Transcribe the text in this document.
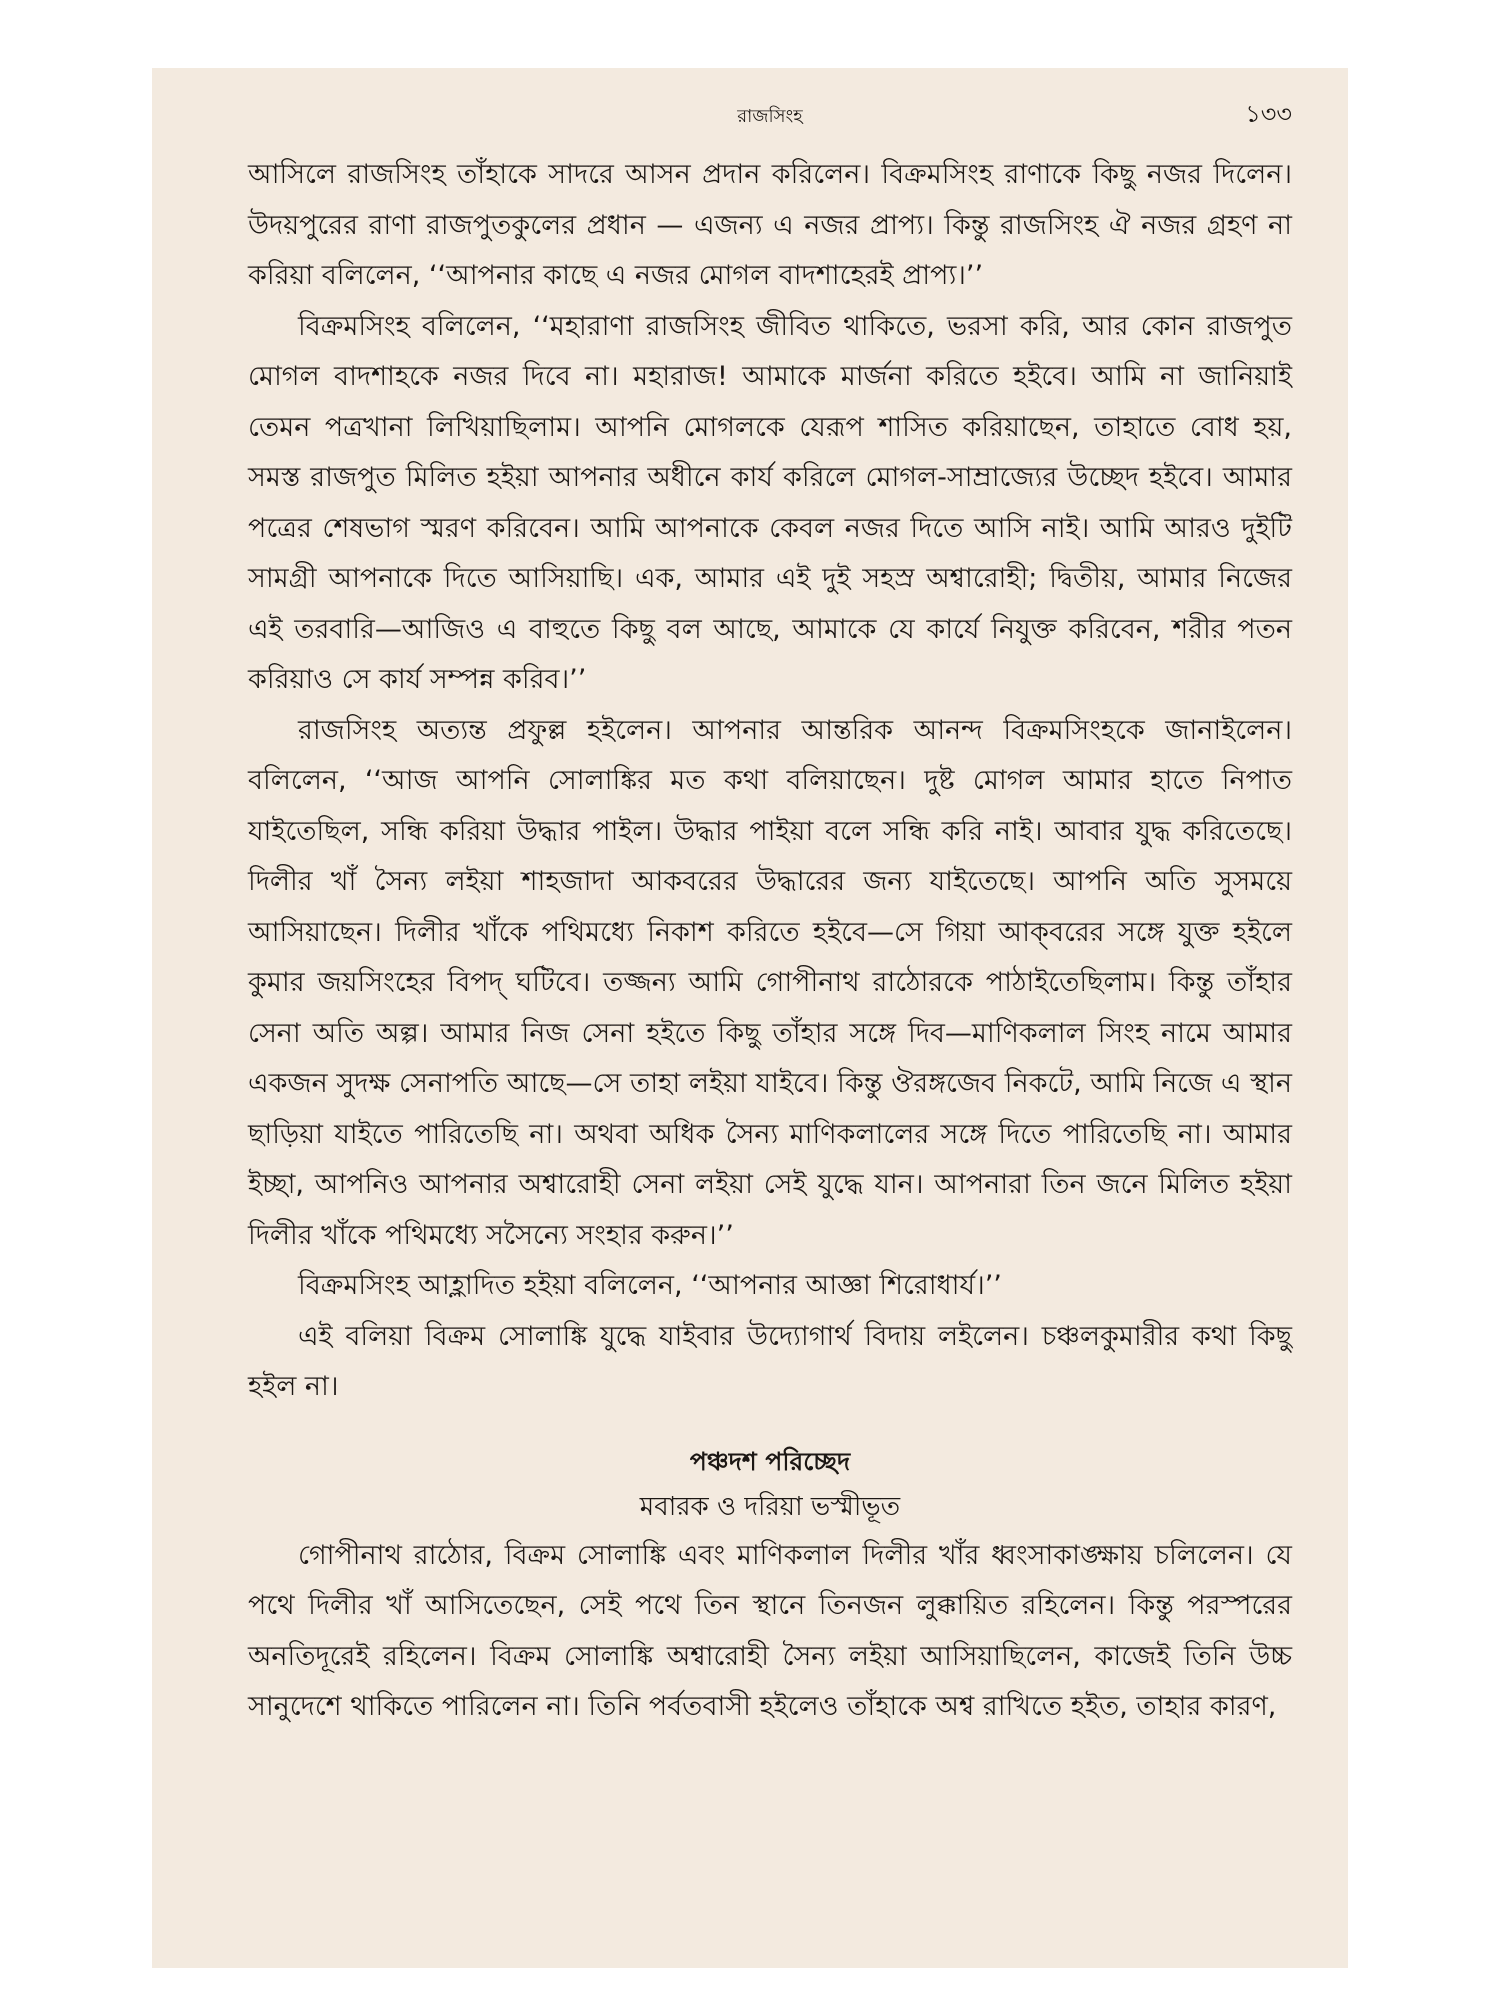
রাজসিংহ	১৩৩

আসিলে রাজসিংহ তাঁহাকে সাদরে আসন প্রদান করিলেন। বিক্রমসিংহ রাণাকে কিছু নজর দিলেন। উদয়পুরের রাণা রাজপুতকুলের প্রধান — এজন্য এ নজর প্রাপ্য। কিন্তু রাজসিংহ ঐ নজর গ্রহণ না করিয়া বলিলেন, ‘‘আপনার কাছে এ নজর মোগল বাদশাহেরই প্রাপ্য।’’

বিক্রমসিংহ বলিলেন, ‘‘মহারাণা রাজসিংহ জীবিত থাকিতে, ভরসা করি, আর কোন রাজপুত মোগল বাদশাহকে নজর দিবে না। মহারাজ! আমাকে মার্জনা করিতে হইবে। আমি না জানিয়াই তেমন পত্রখানা লিখিয়াছিলাম। আপনি মোগলকে যেরূপ শাসিত করিয়াছেন, তাহাতে বোধ হয়, সমস্ত রাজপুত মিলিত হইয়া আপনার অধীনে কার্য করিলে মোগল-সাম্রাজ্যের উচ্ছেদ হইবে। আমার পত্রের শেষভাগ স্মরণ করিবেন। আমি আপনাকে কেবল নজর দিতে আসি নাই। আমি আরও দুইটি সামগ্রী আপনাকে দিতে আসিয়াছি। এক, আমার এই দুই সহস্র অশ্বারোহী; দ্বিতীয়, আমার নিজের এই তরবারি—আজিও এ বাহুতে কিছু বল আছে, আমাকে যে কার্যে নিযুক্ত করিবেন, শরীর পতন করিয়াও সে কার্য সম্পন্ন করিব।’’

রাজসিংহ অত্যন্ত প্রফুল্ল হইলেন। আপনার আন্তরিক আনন্দ বিক্রমসিংহকে জানাইলেন। বলিলেন, ‘‘আজ আপনি সোলাঙ্কির মত কথা বলিয়াছেন। দুষ্ট মোগল আমার হাতে নিপাত যাইতেছিল, সন্ধি করিয়া উদ্ধার পাইল। উদ্ধার পাইয়া বলে সন্ধি করি নাই। আবার যুদ্ধ করিতেছে। দিলীর খাঁ সৈন্য লইয়া শাহজাদা আকবরের উদ্ধারের জন্য যাইতেছে। আপনি অতি সুসময়ে আসিয়াছেন। দিলীর খাঁকে পথিমধ্যে নিকাশ করিতে হইবে—সে গিয়া আক্‌বরের সঙ্গে যুক্ত হইলে কুমার জয়সিংহের বিপদ্‌ ঘটিবে। তজ্জন্য আমি গোপীনাথ রাঠোরকে পাঠাইতেছিলাম। কিন্তু তাঁহার সেনা অতি অল্প। আমার নিজ সেনা হইতে কিছু তাঁহার সঙ্গে দিব—মাণিকলাল সিংহ নামে আমার একজন সুদক্ষ সেনাপতি আছে—সে তাহা লইয়া যাইবে। কিন্তু ঔরঙ্গজেব নিকটে, আমি নিজে এ স্থান ছাড়িয়া যাইতে পারিতেছি না। অথবা অধিক সৈন্য মাণিকলালের সঙ্গে দিতে পারিতেছি না। আমার ইচ্ছা, আপনিও আপনার অশ্বারোহী সেনা লইয়া সেই যুদ্ধে যান। আপনারা তিন জনে মিলিত হইয়া দিলীর খাঁকে পথিমধ্যে সসৈন্যে সংহার করুন।’’

বিক্রমসিংহ আহ্লাদিত হইয়া বলিলেন, ‘‘আপনার আজ্ঞা শিরোধার্য।’’

এই বলিয়া বিক্রম সোলাঙ্কি যুদ্ধে যাইবার উদ্যোগার্থ বিদায় লইলেন। চঞ্চলকুমারীর কথা কিছু হইল না।

পঞ্চদশ পরিচ্ছেদ
মবারক ও দরিয়া ভস্মীভূত

গোপীনাথ রাঠোর, বিক্রম সোলাঙ্কি এবং মাণিকলাল দিলীর খাঁর ধ্বংসাকাঙ্ক্ষায় চলিলেন। যে পথে দিলীর খাঁ আসিতেছেন, সেই পথে তিন স্থানে তিনজন লুক্কায়িত রহিলেন। কিন্তু পরস্পরের অনতিদূরেই রহিলেন। বিক্রম সোলাঙ্কি অশ্বারোহী সৈন্য লইয়া আসিয়াছিলেন, কাজেই তিনি উচ্চ সানুদেশে থাকিতে পারিলেন না। তিনি পর্বতবাসী হইলেও তাঁহাকে অশ্ব রাখিতে হইত, তাহার কারণ,
